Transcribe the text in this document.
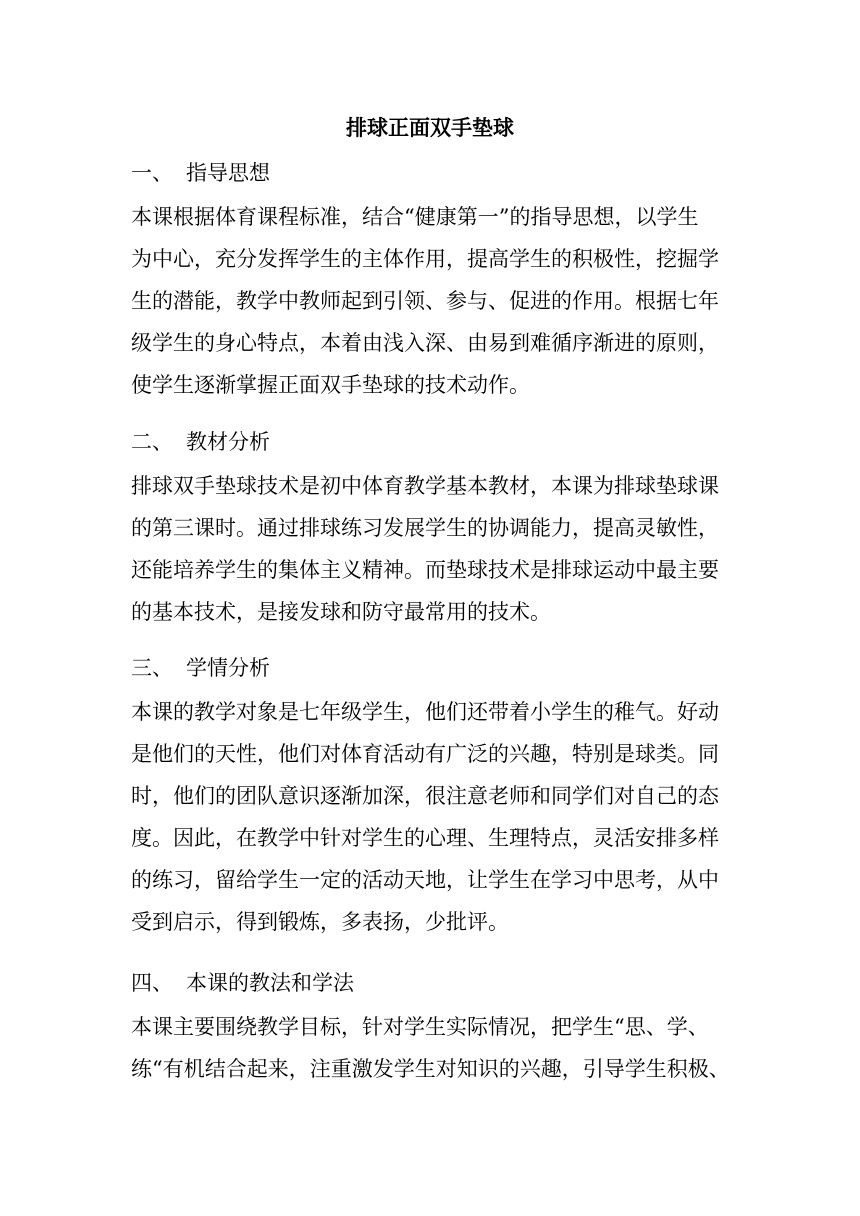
排球正面双手垫球
一、 指导思想
本课根据体育课程标准，结合“健康第一”的指导思想，以学生
为中心，充分发挥学生的主体作用，提高学生的积极性，挖掘学
生的潜能，教学中教师起到引领、参与、促进的作用。根据七年
级学生的身心特点，本着由浅入深、由易到难循序渐进的原则，
使学生逐渐掌握正面双手垫球的技术动作。
二、 教材分析
排球双手垫球技术是初中体育教学基本教材，本课为排球垫球课
的第三课时。通过排球练习发展学生的协调能力，提高灵敏性，
还能培养学生的集体主义精神。而垫球技术是排球运动中最主要
的基本技术，是接发球和防守最常用的技术。
三、 学情分析
本课的教学对象是七年级学生，他们还带着小学生的稚气。好动
是他们的天性，他们对体育活动有广泛的兴趣，特别是球类。同
时，他们的团队意识逐渐加深，很注意老师和同学们对自己的态
度。因此，在教学中针对学生的心理、生理特点，灵活安排多样
的练习，留给学生一定的活动天地，让学生在学习中思考，从中
受到启示，得到锻炼，多表扬，少批评。
四、 本课的教法和学法
本课主要围绕教学目标，针对学生实际情况，把学生“思、学、
练“有机结合起来，注重激发学生对知识的兴趣，引导学生积极、
